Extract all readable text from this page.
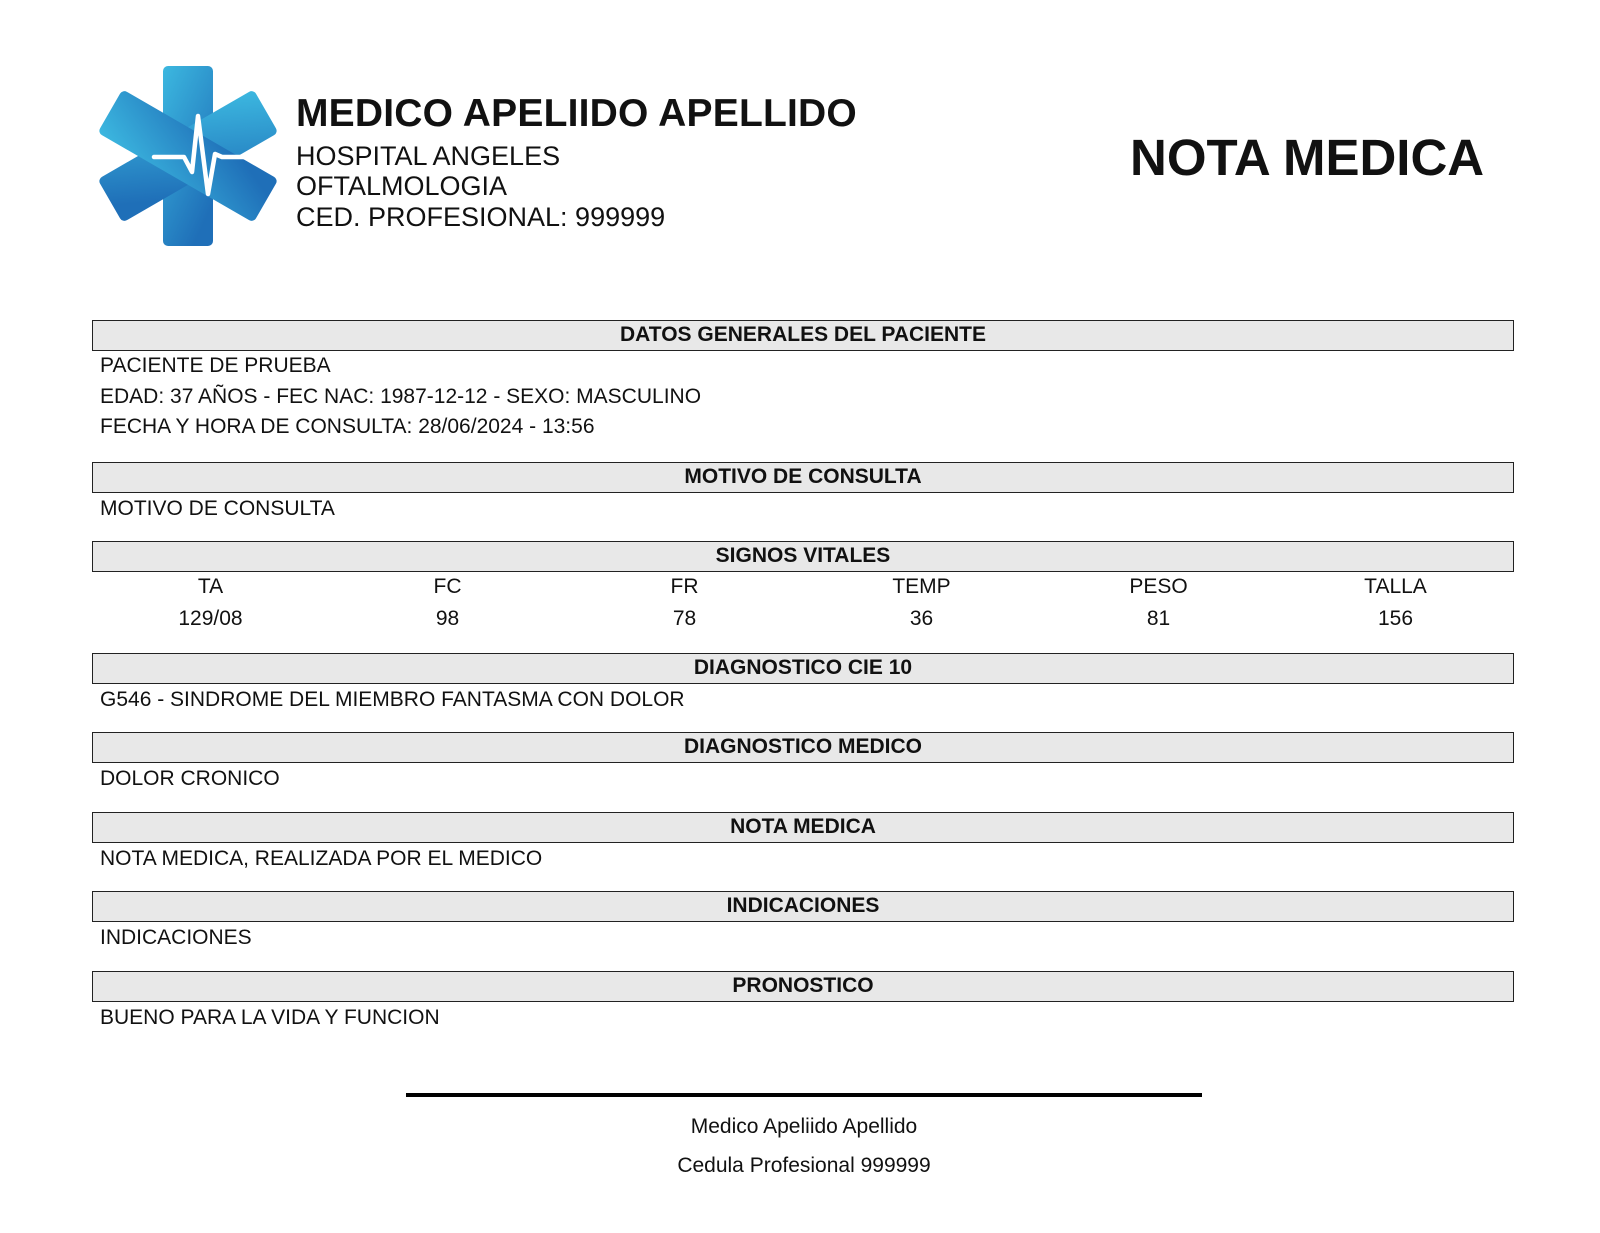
MEDICO APELIIDO APELLIDO
HOSPITAL ANGELES
OFTALMOLOGIA
CED. PROFESIONAL: 999999
NOTA MEDICA
DATOS GENERALES DEL PACIENTE
PACIENTE DE PRUEBA
EDAD: 37 AÑOS - FEC NAC: 1987-12-12 - SEXO: MASCULINO
FECHA Y HORA DE CONSULTA: 28/06/2024 - 13:56
MOTIVO DE CONSULTA
MOTIVO DE CONSULTA
SIGNOS VITALES
TA	FC	FR	TEMP	PESO	TALLA
129/08	98	78	36	81	156
DIAGNOSTICO CIE 10
G546 - SINDROME DEL MIEMBRO FANTASMA CON DOLOR
DIAGNOSTICO MEDICO
DOLOR CRONICO
NOTA MEDICA
NOTA MEDICA, REALIZADA POR EL MEDICO
INDICACIONES
INDICACIONES
PRONOSTICO
BUENO PARA LA VIDA Y FUNCION
Medico Apeliido Apellido
Cedula Profesional 999999
